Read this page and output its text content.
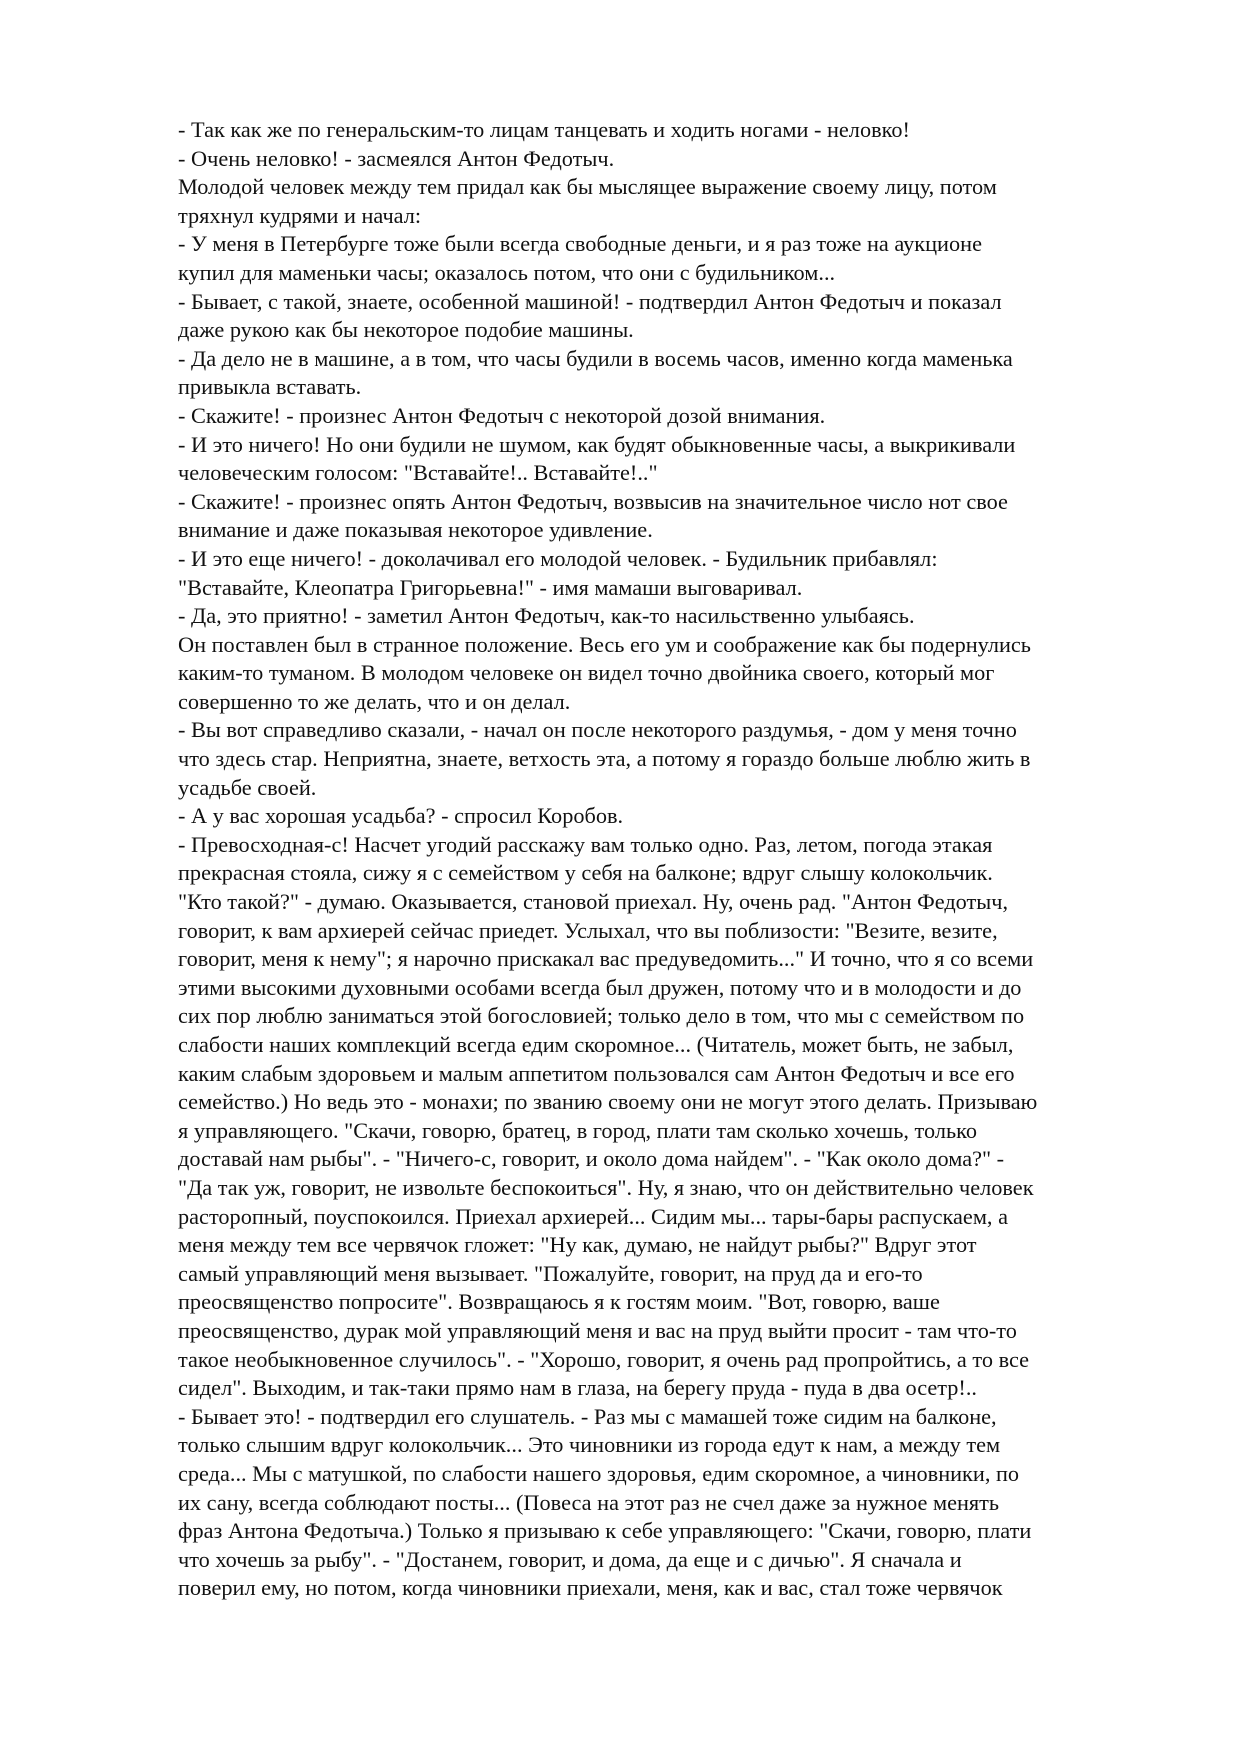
- Так как же по генеральским-то лицам танцевать и ходить ногами - неловко!
- Очень неловко! - засмеялся Антон Федотыч.
Молодой человек между тем придал как бы мыслящее выражение своему лицу, потом
тряхнул кудрями и начал:
- У меня в Петербурге тоже были всегда свободные деньги, и я раз тоже на аукционе
купил для маменьки часы; оказалось потом, что они с будильником...
- Бывает, с такой, знаете, особенной машиной! - подтвердил Антон Федотыч и показал
даже рукою как бы некоторое подобие машины.
- Да дело не в машине, а в том, что часы будили в восемь часов, именно когда маменька
привыкла вставать.
- Скажите! - произнес Антон Федотыч с некоторой дозой внимания.
- И это ничего! Но они будили не шумом, как будят обыкновенные часы, а выкрикивали
человеческим голосом: "Вставайте!.. Вставайте!.."
- Скажите! - произнес опять Антон Федотыч, возвысив на значительное число нот свое
внимание и даже показывая некоторое удивление.
- И это еще ничего! - доколачивал его молодой человек. - Будильник прибавлял:
"Вставайте, Клеопатра Григорьевна!" - имя мамаши выговаривал.
- Да, это приятно! - заметил Антон Федотыч, как-то насильственно улыбаясь.
Он поставлен был в странное положение. Весь его ум и соображение как бы подернулись
каким-то туманом. В молодом человеке он видел точно двойника своего, который мог
совершенно то же делать, что и он делал.
- Вы вот справедливо сказали, - начал он после некоторого раздумья, - дом у меня точно
что здесь стар. Неприятна, знаете, ветхость эта, а потому я гораздо больше люблю жить в
усадьбе своей.
- А у вас хорошая усадьба? - спросил Коробов.
- Превосходная-с! Насчет угодий расскажу вам только одно. Раз, летом, погода этакая
прекрасная стояла, сижу я с семейством у себя на балконе; вдруг слышу колокольчик.
"Кто такой?" - думаю. Оказывается, становой приехал. Ну, очень рад. "Антон Федотыч,
говорит, к вам архиерей сейчас приедет. Услыхал, что вы поблизости: "Везите, везите,
говорит, меня к нему"; я нарочно прискакал вас предуведомить..." И точно, что я со всеми
этими высокими духовными особами всегда был дружен, потому что и в молодости и до
сих пор люблю заниматься этой богословией; только дело в том, что мы с семейством по
слабости наших комплекций всегда едим скоромное... (Читатель, может быть, не забыл,
каким слабым здоровьем и малым аппетитом пользовался сам Антон Федотыч и все его
семейство.) Но ведь это - монахи; по званию своему они не могут этого делать. Призываю
я управляющего. "Скачи, говорю, братец, в город, плати там сколько хочешь, только
доставай нам рыбы". - "Ничего-с, говорит, и около дома найдем". - "Как около дома?" -
"Да так уж, говорит, не извольте беспокоиться". Ну, я знаю, что он действительно человек
расторопный, поуспокоился. Приехал архиерей... Сидим мы... тары-бары распускаем, а
меня между тем все червячок гложет: "Ну как, думаю, не найдут рыбы?" Вдруг этот
самый управляющий меня вызывает. "Пожалуйте, говорит, на пруд да и его-то
преосвященство попросите". Возвращаюсь я к гостям моим. "Вот, говорю, ваше
преосвященство, дурак мой управляющий меня и вас на пруд выйти просит - там что-то
такое необыкновенное случилось". - "Хорошо, говорит, я очень рад пропройтись, а то все
сидел". Выходим, и так-таки прямо нам в глаза, на берегу пруда - пуда в два осетр!..
- Бывает это! - подтвердил его слушатель. - Раз мы с мамашей тоже сидим на балконе,
только слышим вдруг колокольчик... Это чиновники из города едут к нам, а между тем
среда... Мы с матушкой, по слабости нашего здоровья, едим скоромное, а чиновники, по
их сану, всегда соблюдают посты... (Повеса на этот раз не счел даже за нужное менять
фраз Антона Федотыча.) Только я призываю к себе управляющего: "Скачи, говорю, плати
что хочешь за рыбу". - "Достанем, говорит, и дома, да еще и с дичью". Я сначала и
поверил ему, но потом, когда чиновники приехали, меня, как и вас, стал тоже червячок
